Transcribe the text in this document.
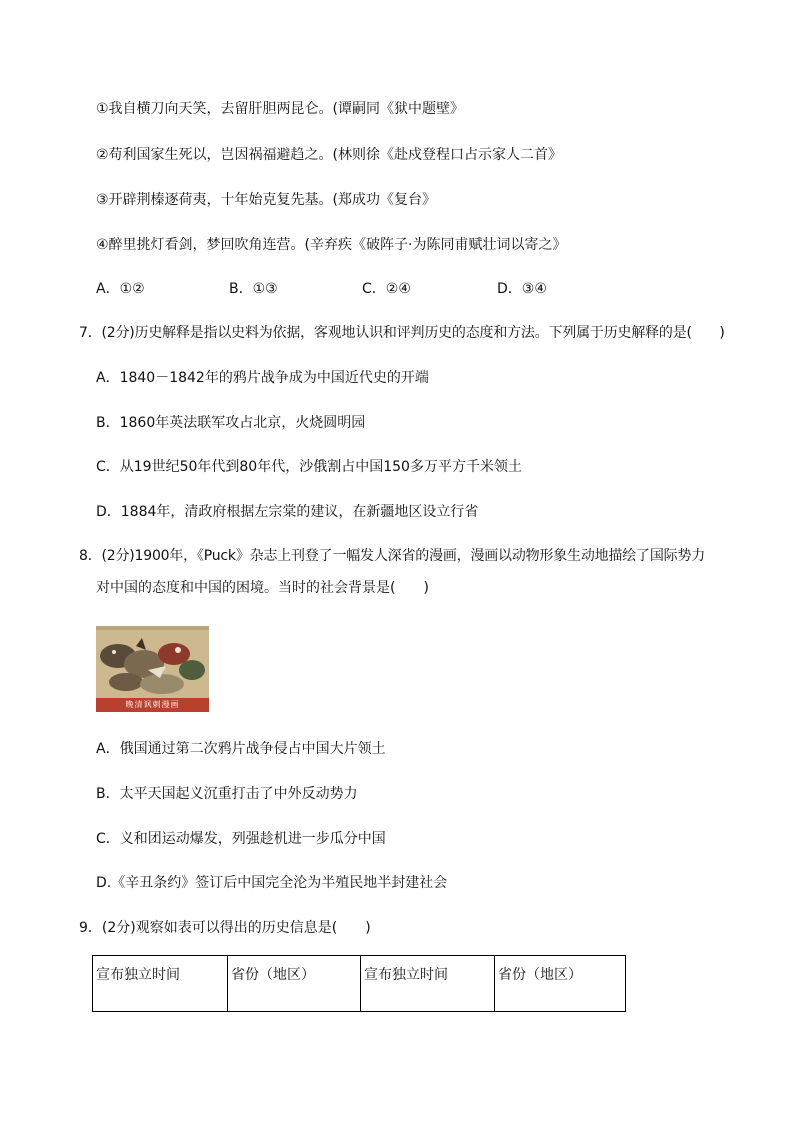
①我自横刀向天笑，去留肝胆两昆仑。(谭嗣同《狱中题壁》
②苟利国家生死以，岂因祸福避趋之。(林则徐《赴戍登程口占示家人二首》
③开辟荆榛逐荷夷，十年始克复先基。(郑成功《复台》
④醉里挑灯看剑，梦回吹角连营。(辛弃疾《破阵子·为陈同甫赋壮词以寄之》
A．①②	B．①③	C．②④	D．③④
7．(2分)历史解释是指以史料为依据，客观地认识和评判历史的态度和方法。下列属于历史解释的是(　　)
A．1840－1842年的鸦片战争成为中国近代史的开端
B．1860年英法联军攻占北京，火烧圆明园
C．从19世纪50年代到80年代，沙俄割占中国150多万平方千米领土
D．1884年，清政府根据左宗棠的建议，在新疆地区设立行省
8．(2分)1900年，《Puck》杂志上刊登了一幅发人深省的漫画，漫画以动物形象生动地描绘了国际势力
对中国的态度和中国的困境。当时的社会背景是(　　)
晚清讽刺漫画
A．俄国通过第二次鸦片战争侵占中国大片领土
B．太平天国起义沉重打击了中外反动势力
C．义和团运动爆发，列强趁机进一步瓜分中国
D.《辛丑条约》签订后中国完全沦为半殖民地半封建社会
9．(2分)观察如表可以得出的历史信息是(　　)
宣布独立时间	省份（地区）	宣布独立时间	省份（地区）
